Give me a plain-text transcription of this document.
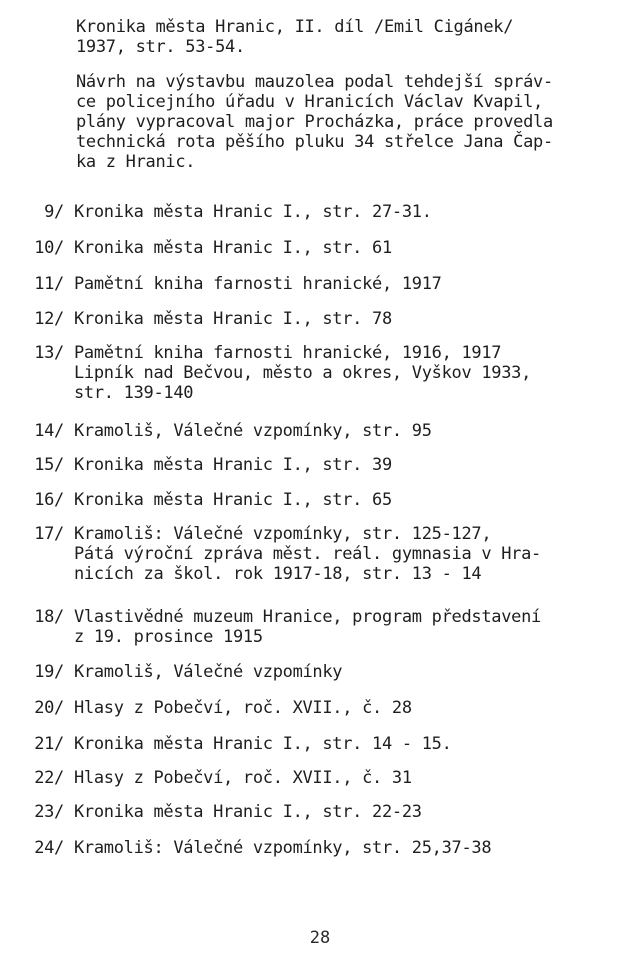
Kronika města Hranic, II. díl /Emil Cigánek/
1937, str. 53-54.
Návrh na výstavbu mauzolea podal tehdejší správ-
ce policejního úřadu v Hranicích Václav Kvapil,
plány vypracoval major Procházka, práce provedla
technická rota pěšího pluku 34 střelce Jana Čap-
ka z Hranic.
9/ Kronika města Hranic I., str. 27-31.
10/ Kronika města Hranic I., str. 61
11/ Pamětní kniha farnosti hranické, 1917
12/ Kronika města Hranic I., str. 78
13/ Pamětní kniha farnosti hranické, 1916, 1917
Lipník nad Bečvou, město a okres, Vyškov 1933,
str. 139-140
14/ Kramoliš, Válečné vzpomínky, str. 95
15/ Kronika města Hranic I., str. 39
16/ Kronika města Hranic I., str. 65
17/ Kramoliš: Válečné vzpomínky, str. 125-127,
Pátá výroční zpráva měst. reál. gymnasia v Hra-
nicích za škol. rok 1917-18, str. 13 - 14
18/ Vlastivědné muzeum Hranice, program představení
z 19. prosince 1915
19/ Kramoliš, Válečné vzpomínky
20/ Hlasy z Pobečví, roč. XVII., č. 28
21/ Kronika města Hranic I., str. 14 - 15.
22/ Hlasy z Pobečví, roč. XVII., č. 31
23/ Kronika města Hranic I., str. 22-23
24/ Kramoliš: Válečné vzpomínky, str. 25,37-38
28
